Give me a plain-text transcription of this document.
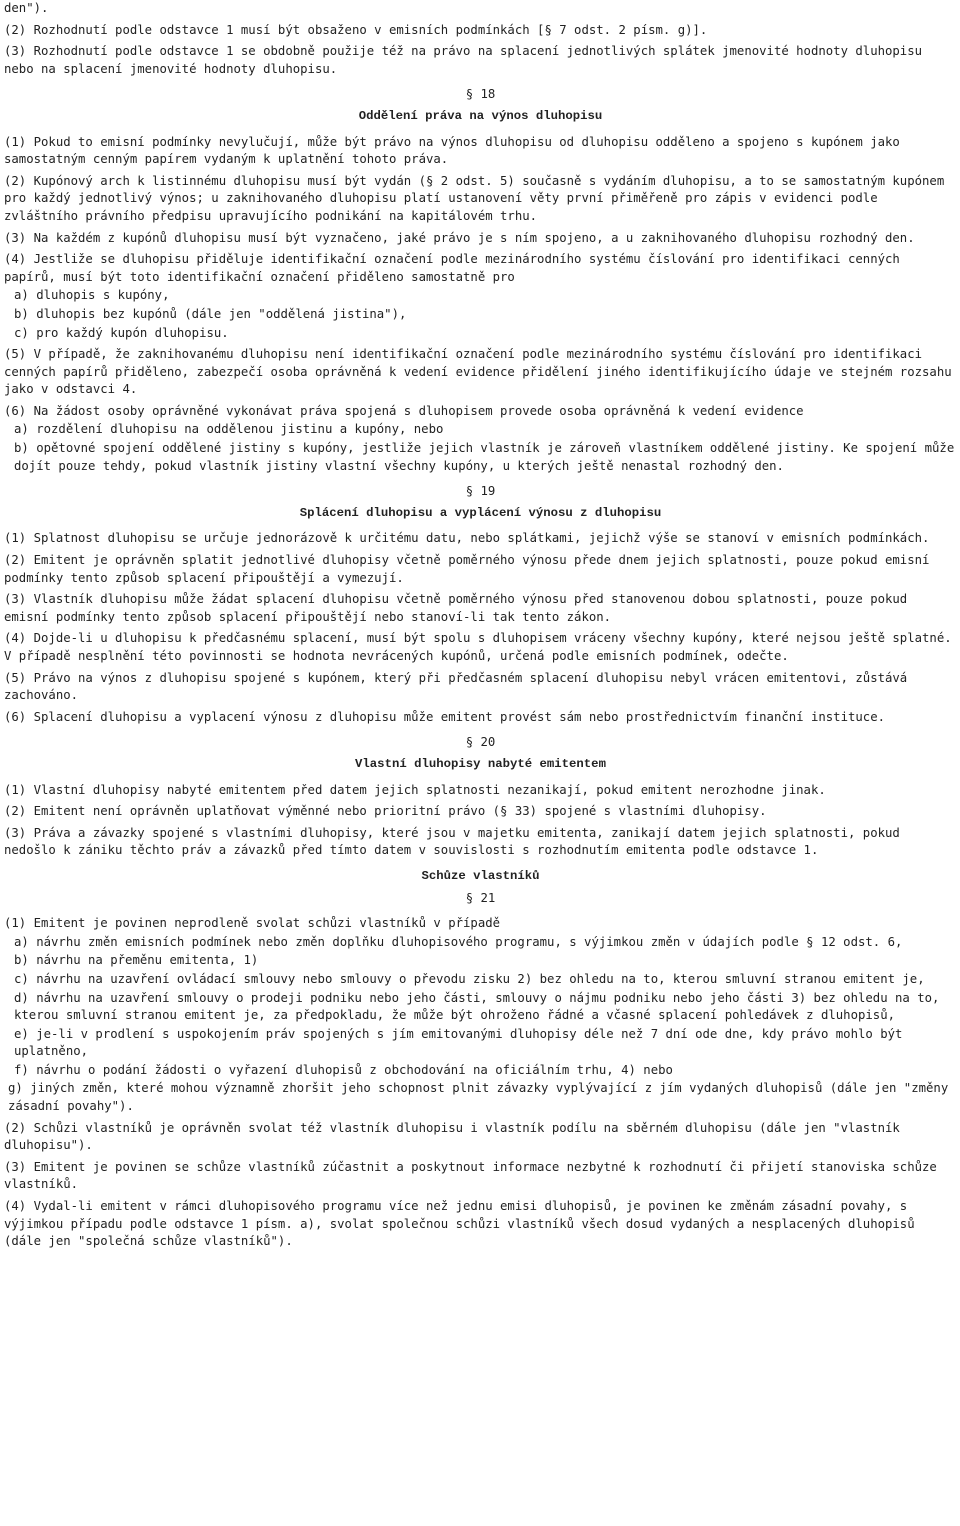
den").

(2) Rozhodnutí podle odstavce 1 musí být obsaženo v emisních podmínkách [§ 7 odst. 2 písm. g)].

(3) Rozhodnutí podle odstavce 1 se obdobně použije též na právo na splacení jednotlivých splátek jmenovité hodnoty dluhopisu nebo na splacení jmenovité hodnoty dluhopisu.

§ 18
Oddělení práva na výnos dluhopisu

(1) Pokud to emisní podmínky nevylučují, může být právo na výnos dluhopisu od dluhopisu odděleno a spojeno s kupónem jako samostatným cenným papírem vydaným k uplatnění tohoto práva.

(2) Kupónový arch k listinnému dluhopisu musí být vydán (§ 2 odst. 5) současně s vydáním dluhopisu, a to se samostatným kupónem pro každý jednotlivý výnos; u zaknihovaného dluhopisu platí ustanovení věty první přiměřeně pro zápis v evidenci podle zvláštního právního předpisu upravujícího podnikání na kapitálovém trhu.

(3) Na každém z kupónů dluhopisu musí být vyznačeno, jaké právo je s ním spojeno, a u zaknihovaného dluhopisu rozhodný den.

(4) Jestliže se dluhopisu přiděluje identifikační označení podle mezinárodního systému číslování pro identifikaci cenných papírů, musí být toto identifikační označení přiděleno samostatně pro

a) dluhopis s kupóny,

b) dluhopis bez kupónů (dále jen "oddělená jistina"),

c) pro každý kupón dluhopisu.

(5) V případě, že zaknihovanému dluhopisu není identifikační označení podle mezinárodního systému číslování pro identifikaci cenných papírů přiděleno, zabezpečí osoba oprávněná k vedení evidence přidělení jiného identifikujícího údaje ve stejném rozsahu jako v odstavci 4.

(6) Na žádost osoby oprávněné vykonávat práva spojená s dluhopisem provede osoba oprávněná k vedení evidence

a) rozdělení dluhopisu na oddělenou jistinu a kupóny, nebo

b) opětovné spojení oddělené jistiny s kupóny, jestliže jejich vlastník je zároveň vlastníkem oddělené jistiny. Ke spojení může dojít pouze tehdy, pokud vlastník jistiny vlastní všechny kupóny, u kterých ještě nenastal rozhodný den.

§ 19
Splácení dluhopisu a vyplácení výnosu z dluhopisu

(1) Splatnost dluhopisu se určuje jednorázově k určitému datu, nebo splátkami, jejichž výše se stanoví v emisních podmínkách.

(2) Emitent je oprávněn splatit jednotlivé dluhopisy včetně poměrného výnosu přede dnem jejich splatnosti, pouze pokud emisní podmínky tento způsob splacení připouštějí a vymezují.

(3) Vlastník dluhopisu může žádat splacení dluhopisu včetně poměrného výnosu před stanovenou dobou splatnosti, pouze pokud emisní podmínky tento způsob splacení připouštějí nebo stanoví-li tak tento zákon.

(4) Dojde-li u dluhopisu k předčasnému splacení, musí být spolu s dluhopisem vráceny všechny kupóny, které nejsou ještě splatné. V případě nesplnění této povinnosti se hodnota nevrácených kupónů, určená podle emisních podmínek, odečte.

(5) Právo na výnos z dluhopisu spojené s kupónem, který při předčasném splacení dluhopisu nebyl vrácen emitentovi, zůstává zachováno.

(6) Splacení dluhopisu a vyplacení výnosu z dluhopisu může emitent provést sám nebo prostřednictvím finanční instituce.

§ 20
Vlastní dluhopisy nabyté emitentem

(1) Vlastní dluhopisy nabyté emitentem před datem jejich splatnosti nezanikají, pokud emitent nerozhodne jinak.

(2) Emitent není oprávněn uplatňovat výměnné nebo prioritní právo (§ 33) spojené s vlastními dluhopisy.

(3) Práva a závazky spojené s vlastními dluhopisy, které jsou v majetku emitenta, zanikají datem jejich splatnosti, pokud nedošlo k zániku těchto práv a závazků před tímto datem v souvislosti s rozhodnutím emitenta podle odstavce 1.

Schůze vlastníků
§ 21

(1) Emitent je povinen neprodleně svolat schůzi vlastníků v případě

a) návrhu změn emisních podmínek nebo změn doplňku dluhopisového programu, s výjimkou změn v údajích podle § 12 odst. 6,

b) návrhu na přeměnu emitenta, 1)

c) návrhu na uzavření ovládací smlouvy nebo smlouvy o převodu zisku 2) bez ohledu na to, kterou smluvní stranou emitent je,

d) návrhu na uzavření smlouvy o prodeji podniku nebo jeho části, smlouvy o nájmu podniku nebo jeho části 3) bez ohledu na to, kterou smluvní stranou emitent je, za předpokladu, že může být ohroženo řádné a včasné splacení pohledávek z dluhopisů,

e) je-li v prodlení s uspokojením práv spojených s jím emitovanými dluhopisy déle než 7 dní ode dne, kdy právo mohlo být uplatněno,

f) návrhu o podání žádosti o vyřazení dluhopisů z obchodování na oficiálním trhu, 4) nebo

g) jiných změn, které mohou významně zhoršit jeho schopnost plnit závazky vyplývající z jím vydaných dluhopisů (dále jen "změny zásadní povahy").

(2) Schůzi vlastníků je oprávněn svolat též vlastník dluhopisu i vlastník podílu na sběrném dluhopisu (dále jen "vlastník dluhopisu").

(3) Emitent je povinen se schůze vlastníků zúčastnit a poskytnout informace nezbytné k rozhodnutí či přijetí stanoviska schůze vlastníků.

(4) Vydal-li emitent v rámci dluhopisového programu více než jednu emisi dluhopisů, je povinen ke změnám zásadní povahy, s výjimkou případu podle odstavce 1 písm. a), svolat společnou schůzi vlastníků všech dosud vydaných a nesplacených dluhopisů (dále jen "společná schůze vlastníků").
